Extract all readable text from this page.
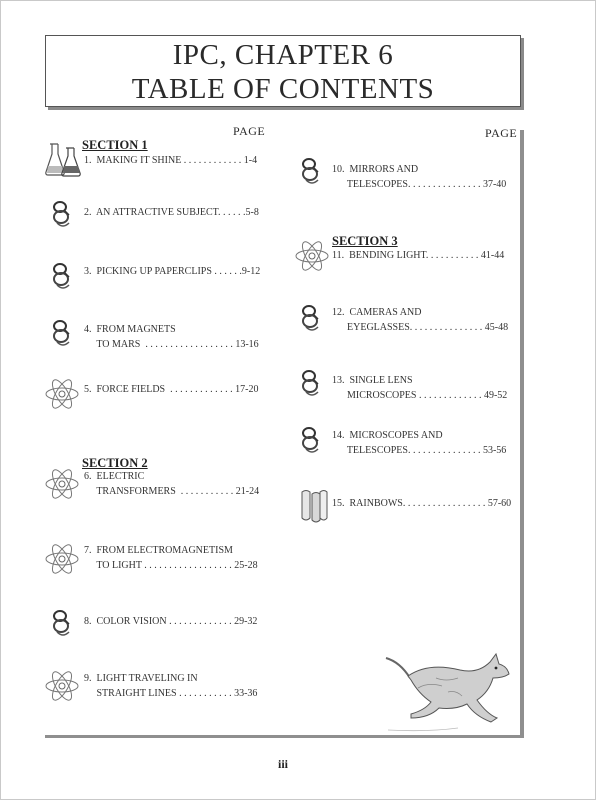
IPC, CHAPTER 6
TABLE OF CONTENTS
PAGE	PAGE
SECTION 1
SECTION 2
SECTION 3
1.  MAKING IT SHINE . . . . . . . . . . . . 1-4
2.  AN ATTRACTIVE SUBJECT. . . . . .5-8
3.  PICKING UP PAPERCLIPS . . . . . .9-12
4.  FROM MAGNETS
TO MARS  . . . . . . . . . . . . . . . . . . 13-16
5.  FORCE FIELDS  . . . . . . . . . . . . . 17-20
6.  ELECTRIC
TRANSFORMERS  . . . . . . . . . . . 21-24
7.  FROM ELECTROMAGNETISM
TO LIGHT . . . . . . . . . . . . . . . . . . 25-28
8.  COLOR VISION . . . . . . . . . . . . . 29-32
9.  LIGHT TRAVELING IN
STRAIGHT LINES . . . . . . . . . . . 33-36
10.  MIRRORS AND
TELESCOPES. . . . . . . . . . . . . . . 37-40
11.  BENDING LIGHT. . . . . . . . . . . 41-44
12.  CAMERAS AND
EYEGLASSES. . . . . . . . . . . . . . . 45-48
13.  SINGLE LENS
MICROSCOPES . . . . . . . . . . . . . 49-52
14.  MICROSCOPES AND
TELESCOPES. . . . . . . . . . . . . . . 53-56
15.  RAINBOWS. . . . . . . . . . . . . . . . . 57-60
iii
